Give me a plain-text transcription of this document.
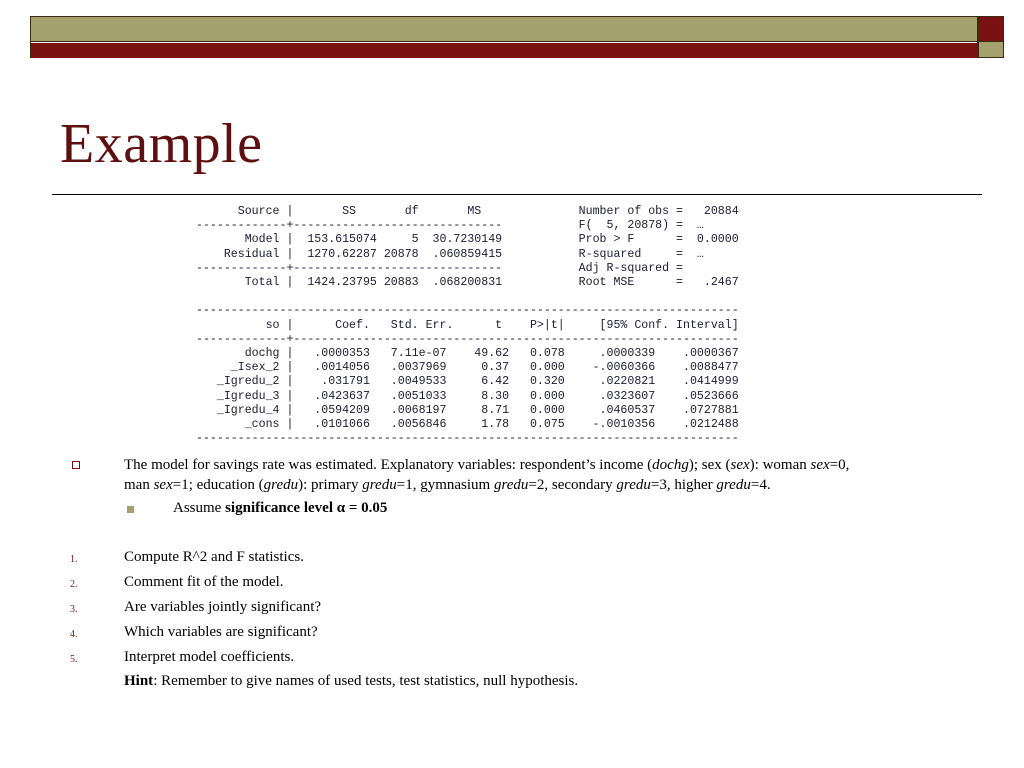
Example
Source |       SS       df       MS              Number of obs =   20884
-------------+------------------------------           F(  5, 20878) =  …
Model |  153.615074     5  30.7230149           Prob > F      =  0.0000
Residual |  1270.62287 20878  .060859415           R-squared     =  …
-------------+------------------------------           Adj R-squared =
Total |  1424.23795 20883  .068200831           Root MSE      =   .2467

------------------------------------------------------------------------------
so |      Coef.   Std. Err.      t    P>|t|     [95% Conf. Interval]
-------------+----------------------------------------------------------------
dochg |   .0000353   7.11e-07    49.62   0.078     .0000339    .0000367
_Isex_2 |   .0014056   .0037969     0.37   0.000    -.0060366    .0088477
_Igredu_2 |    .031791   .0049533     6.42   0.320     .0220821    .0414999
_Igredu_3 |   .0423637   .0051033     8.30   0.000     .0323607    .0523666
_Igredu_4 |   .0594209   .0068197     8.71   0.000     .0460537    .0727881
_cons |   .0101066   .0056846     1.78   0.075    -.0010356    .0212488
------------------------------------------------------------------------------
The model for savings rate was estimated. Explanatory variables: respondent’s income (dochg); sex (sex): woman sex=0,
man sex=1; education (gredu): primary gredu=1, gymnasium gredu=2, secondary gredu=3, higher gredu=4.
Assume significance level α = 0.05
1.	Compute R^2 and F statistics.
2.	Comment fit of the model.
3.	Are variables jointly significant?
4.	Which variables are significant?
5.	Interpret model coefficients.
Hint: Remember to give names of used tests, test statistics, null hypothesis.
